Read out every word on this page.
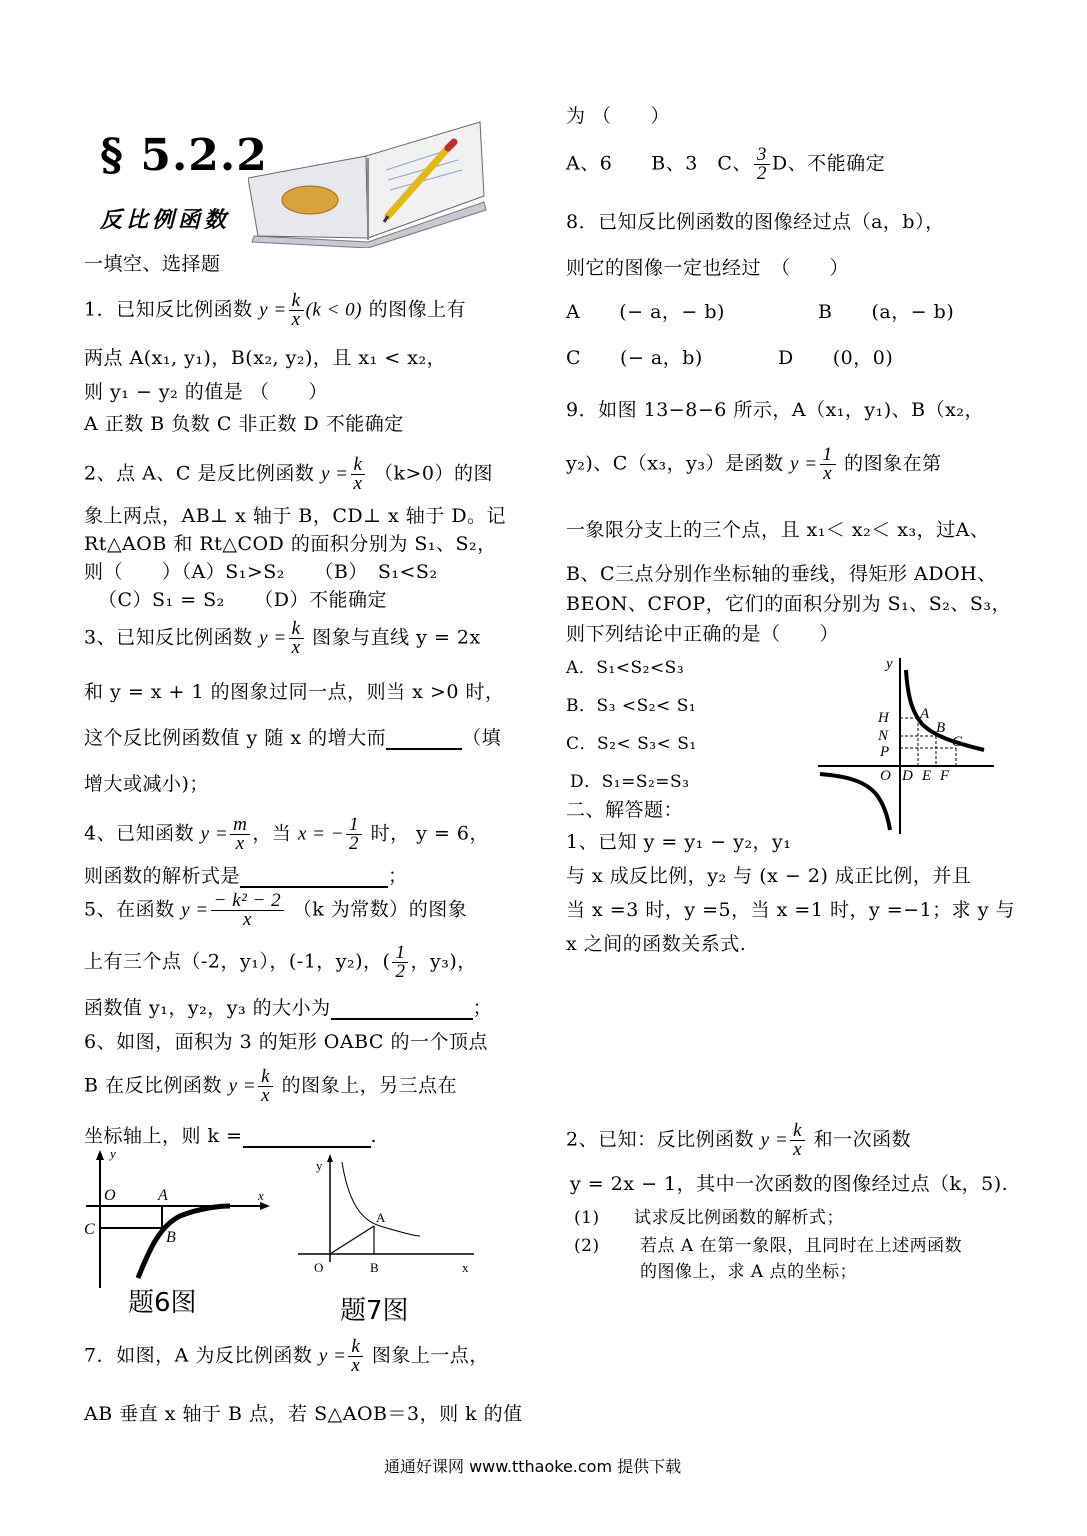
§ 5.2.2
反比例函数
一填空、选择题
1．已知反比例函数 $y = \frac{k}{x} (k < 0)$ 的图像上有
两点 A(x₁, y₁)，B(x₂, y₂)，且 x₁ < x₂，
则 y₁ − y₂ 的值是 （　　）
A 正数 B 负数 C 非正数 D 不能确定
2、点 A、C 是反比例函数 $y = \frac{k}{x} (k>0)$的图
象上两点，AB⊥ x 轴于 B，CD⊥ x 轴于 D。记
Rt△AOB 和 Rt△COD 的面积分别为 S₁、S₂，
则（　　）（A）S₁>S₂　　（B）　S₁<S₂
（C）S₁ = S₂　　（D）不能确定
3、已知反比例函数 $y = \frac{k}{x}$ 图象与直线 y = 2x
和 y = x + 1 的图象过同一点，则当 x >0 时，
这个反比例函数值 y 随 x 的增大而	（填
增大或减小)；
4、已知函数 $y = \frac{m}{x}$ ，当 x = − $\frac{1}{2}$ 时， y = 6，
则函数的解析式是	；
5、在函数 $y = \frac{\text{− k² − 2}}{x} (k$ 为常数）的图象
上有三个点（-2，y₁），(-1，y₂)，( $\frac{1}{2}$ ，y₃)，
函数值 y₁，y₂，y₃ 的大小为	；
6、如图，面积为 3 的矩形 OABC 的一个顶点
B 在反比例函数 $y = \frac{k}{x}$ 的图象上，另三点在
坐标轴上，则 k =	.
y
O	A	x
C	B
题6图
y
A
O	B	x
题7图
7．如图，A 为反比例函数 $y = \frac{k}{x}$ 图象上一点，
AB 垂直 x 轴于 B 点，若 S△AOB＝3，则 k 的值
通通好课网 www.tthaoke.com 提供下载
为 （　　）
A、6　　B、3　C、 $\frac{3}{2}$ D、不能确定
8．已知反比例函数的图像经过点（a，b），
则它的图像一定也经过　（　　）
A　　(− a，− b)	B　　(a，− b)
C　　(− a，b)	D　　(0，0)
9．如图 13−8−6 所示，A（x₁，y₁)、B（x₂，
y₂)、C（x₃，y₃）是函数 $y = \frac{1}{x}$ 的图象在第
一象限分支上的三个点，且 x₁＜ x₂＜ x₃，过A、
B、C三点分别作坐标轴的垂线，得矩形 ADOH、
BEON、CFOP，它们的面积分别为 S₁、S₂、S₃，
则下列结论中正确的是（　　）
A．S₁<S₂<S₃
B．S₃ <S₂< S₁
C．S₂< S₃< S₁
D．S₁=S₂=S₃
y
H A
N	B
P
C
O D E F
二、解答题：
1、已知 y = y₁ − y₂，y₁
与 x 成反比例，y₂ 与 (x − 2) 成正比例，并且
当 x =3 时，y =5，当 x =1 时，y =−1；求 y 与
x 之间的函数关系式.
2、已知：反比例函数 $y = \frac{k}{x}$ 和一次函数
y = 2x − 1，其中一次函数的图像经过点（k，5).
(1) 试求反比例函数的解析式；
(2) 若点 A 在第一象限，且同时在上述两函数
的图像上，求 A 点的坐标；
